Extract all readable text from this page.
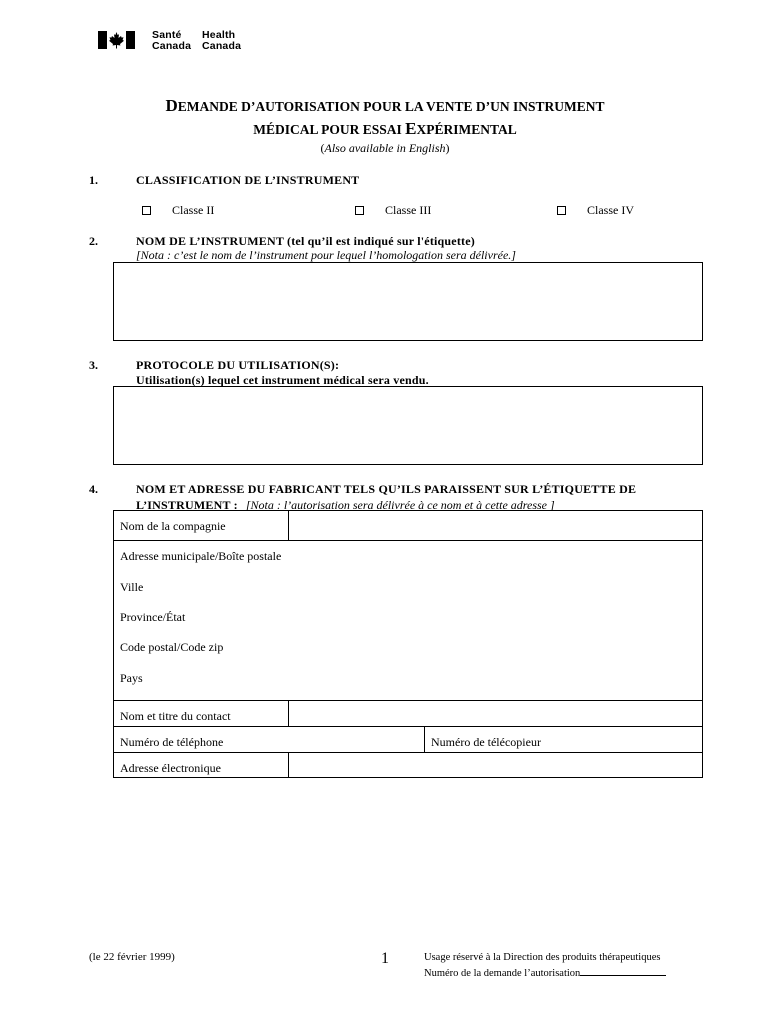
Santé
Canada
Health
Canada
DEMANDE D’AUTORISATION POUR LA VENTE D’UN INSTRUMENT
MÉDICAL POUR ESSAI EXPÉRIMENTAL
(Also available in English)
1.	CLASSIFICATION DE L’INSTRUMENT
Classe II	Classe III	Classe IV
2.	NOM DE L’INSTRUMENT (tel qu’il est indiqué sur l'étiquette)
[Nota : c’est le nom de l’instrument pour lequel l’homologation sera délivrée.]
3.	PROTOCOLE DU UTILISATION(S):
Utilisation(s) lequel cet instrument médical sera vendu.
4.	NOM ET ADRESSE DU FABRICANT TELS QU’ILS PARAISSENT SUR L’ÉTIQUETTE DE
L’INSTRUMENT : [Nota : l’autorisation sera délivrée à ce nom et à cette adresse ]
Nom de la compagnie
Adresse municipale/Boîte postale
Ville
Province/État
Code postal/Code zip
Pays
Nom et titre du contact
Numéro de téléphone	Numéro de télécopieur
Adresse électronique
(le 22 février 1999)	1	Usage réservé à la Direction des produits thérapeutiques
Numéro de la demande l’autorisation
